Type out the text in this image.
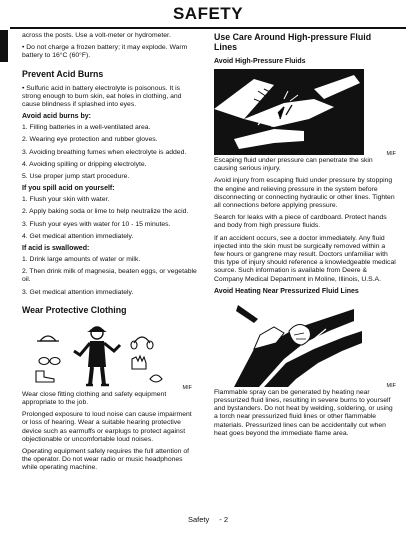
SAFETY

across the posts. Use a volt-meter or hydrometer.

• Do not charge a frozen battery; it may explode. Warm battery to 16°C (60°F).

Prevent Acid Burns

• Sulfuric acid in battery electrolyte is poisonous. It is strong enough to burn skin, eat holes in clothing, and cause blindness if splashed into eyes.

Avoid acid burns by:

1. Filling batteries in a well-ventilated area.

2. Wearing eye protection and rubber gloves.

3. Avoiding breathing fumes when electrolyte is added.

4. Avoiding spilling or dripping electrolyte.

5. Use proper jump start procedure.

If you spill acid on yourself:

1. Flush your skin with water.

2. Apply baking soda or lime to help neutralize the acid.

3. Flush your eyes with water for 10 - 15 minutes.

4. Get medical attention immediately.

If acid is swallowed:

1. Drink large amounts of water or milk.

2. Then drink milk of magnesia, beaten eggs, or vegetable oil.

3. Get medical attention immediately.

Wear Protective Clothing
MIF

Wear close fitting clothing and safety equipment appropriate to the job.

Prolonged exposure to loud noise can cause impairment or loss of hearing. Wear a suitable hearing protective device such as earmuffs or earplugs to protect against objectionable or uncomfortable loud noises.

Operating equipment safely requires the full attention of the operator. Do not wear radio or music headphones while operating machine.

Use Care Around High-pressure Fluid Lines
Avoid High-Pressure Fluids
MIF

Escaping fluid under pressure can penetrate the skin causing serious injury.

Avoid injury from escaping fluid under pressure by stopping the engine and relieving pressure in the system before disconnecting or connecting hydraulic or other lines. Tighten all connections before applying pressure.

Search for leaks with a piece of cardboard. Protect hands and body from high pressure fluids.

If an accident occurs, see a doctor immediately. Any fluid injected into the skin must be surgically removed within a few hours or gangrene may result. Doctors unfamiliar with this type of injury should reference a knowledgeable medical source. Such information is available from Deere & Company Medical Department in Moline, Illinois, U.S.A.

Avoid Heating Near Pressurized Fluid Lines
MIF

Flammable spray can be generated by heating near pressurized fluid lines, resulting in severe burns to yourself and bystanders. Do not heat by welding, soldering, or using a torch near pressurized fluid lines or other flammable materials. Pressurized lines can be accidentally cut when heat goes beyond the immediate flame area.

Safety - 2
